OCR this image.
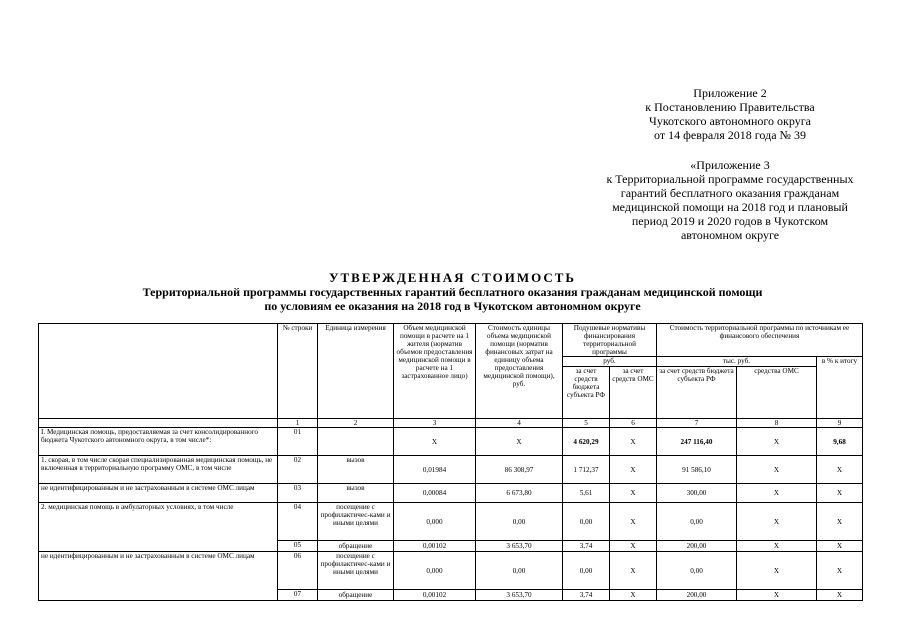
Приложение 2
к Постановлению Правительства
Чукотского автономного округа
от 14 февраля 2018 года № 39
«Приложение 3
к Территориальной программе государственных
гарантий бесплатного оказания гражданам
медицинской помощи на 2018 год и плановый
период 2019 и 2020 годов в Чукотском
автономном округе
УТВЕРЖДЕННАЯ СТОИМОСТЬ
Территориальной программы государственных гарантий бесплатного оказания гражданам медицинской помощи
по условиям ее оказания на 2018 год в Чукотском автономном округе
	№ строки	Единица измерения	Объем медицинской помощи в расчете на 1 жителя (норматив объемов предоставления медицинской помощи в расчете на 1 застрахованное лицо)	Стоимость единицы объема медицинской помощи (норматив финансовых затрат на единицу объема предоставления медицинской помощи), руб.	Подушевые нормативы финансирования территориальной программы		Стоимость территориальной программы по источникам ее финансового обеспечения		

					руб.		тыс. руб.		в % к итогу
					за счет средств бюджета субъекта РФ	за счет средств ОМС	за счет средств бюджета субъекта РФ	средства ОМС	
	1	2	3	4	5	6	7	8	9
I. Медицинская помощь, предоставляемая за счет консолидированного бюджета Чукотского автономного округа, в том числе*:	01		X	X	4 620,29	X	247 116,40	X	9,68
1. скорая, в том числе скорая специализированная медицинская помощь, не включенная в территориальную программу ОМС, в том числе	02	вызов	0,01984	86 308,97	1 712,37	X	91 586,10	X	X
не идентифицированным и не застрахованным в системе ОМС лицам	03	вызов	0,00084	6 673,80	5,61	X	300,00	X	X
2. медицинская помощь в амбулаторных условиях, в том числе	04	посещение с профилактичес-ками и иными целями	0,000	0,00	0,00	X	0,00	X	X
	05	обращение	0,00102	3 653,70	3,74	X	200,00	X	X
не идентифицированным и не застрахованным в системе ОМС лицам	06	посещение с профилактичес-ками и иными целями	0,000	0,00	0,00	X	0,00	X	X
	07	обращение	0,00102	3 653,70	3,74	X	200,00	X	X
